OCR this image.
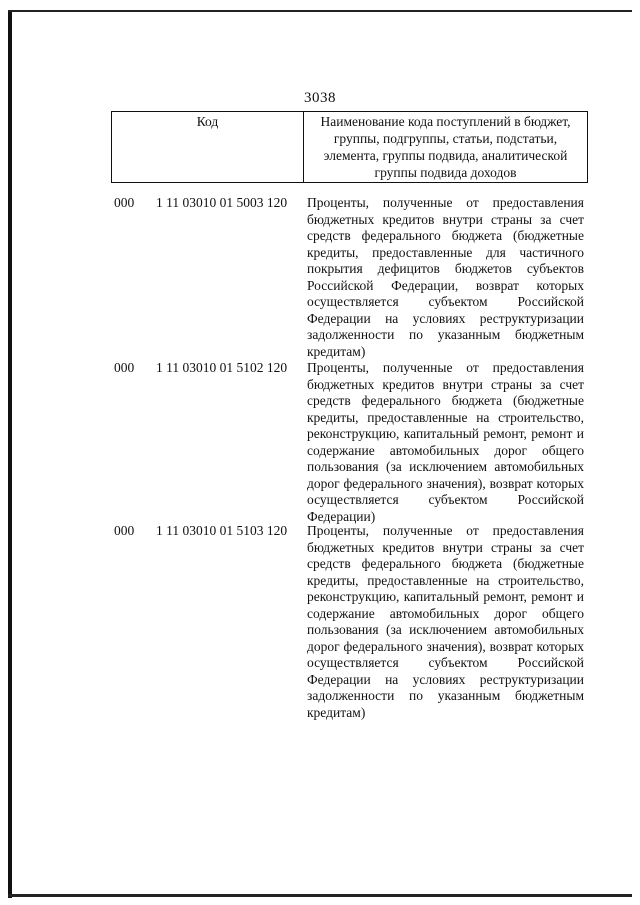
3038
Код	Наименование кода поступлений в бюджет, группы, подгруппы, статьи, подстатьи, элемента, группы подвида, аналитической группы подвида доходов
000 1 11 03010 01 5003 120 Проценты, полученные от предоставления бюджетных кредитов внутри страны за счет средств федерального бюджета (бюджетные кредиты, предоставленные для частичного покрытия дефицитов бюджетов субъектов Российской Федерации, возврат которых осуществляется субъектом Российской Федерации на условиях реструктуризации задолженности по указанным бюджетным кредитам)
000 1 11 03010 01 5102 120 Проценты, полученные от предоставления бюджетных кредитов внутри страны за счет средств федерального бюджета (бюджетные кредиты, предоставленные на строительство, реконструкцию, капитальный ремонт, ремонт и содержание автомобильных дорог общего пользования (за исключением автомобильных дорог федерального значения), возврат которых осуществляется субъектом Российской Федерации)
000 1 11 03010 01 5103 120 Проценты, полученные от предоставления бюджетных кредитов внутри страны за счет средств федерального бюджета (бюджетные кредиты, предоставленные на строительство, реконструкцию, капитальный ремонт, ремонт и содержание автомобильных дорог общего пользования (за исключением автомобильных дорог федерального значения), возврат которых осуществляется субъектом Российской Федерации на условиях реструктуризации задолженности по указанным бюджетным кредитам)
